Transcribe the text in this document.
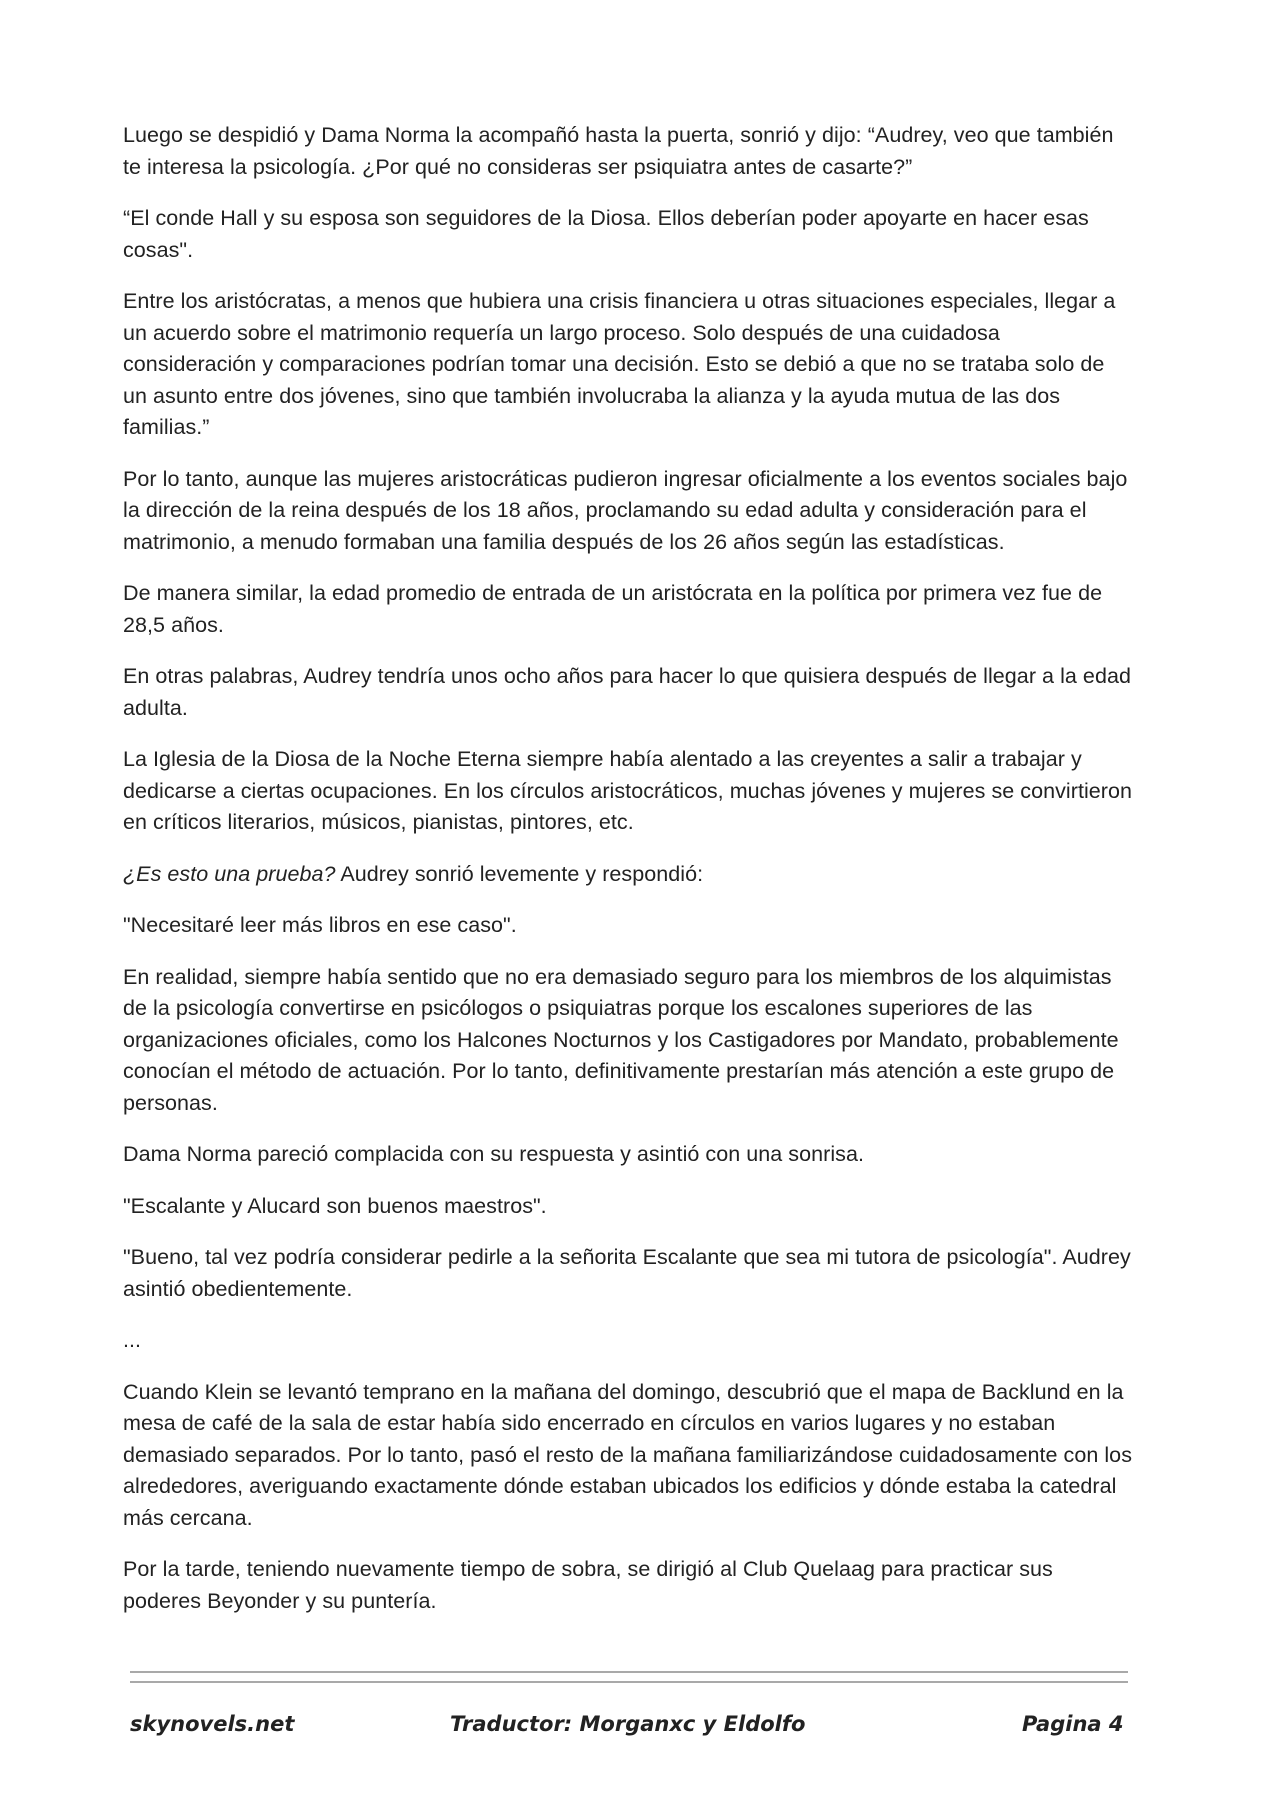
Luego se despidió y Dama Norma la acompañó hasta la puerta, sonrió y dijo: “Audrey, veo que también te interesa la psicología. ¿Por qué no consideras ser psiquiatra antes de casarte?”

“El conde Hall y su esposa son seguidores de la Diosa. Ellos deberían poder apoyarte en hacer esas cosas".

Entre los aristócratas, a menos que hubiera una crisis financiera u otras situaciones especiales, llegar a un acuerdo sobre el matrimonio requería un largo proceso. Solo después de una cuidadosa consideración y comparaciones podrían tomar una decisión. Esto se debió a que no se trataba solo de un asunto entre dos jóvenes, sino que también involucraba la alianza y la ayuda mutua de las dos familias.”

Por lo tanto, aunque las mujeres aristocráticas pudieron ingresar oficialmente a los eventos sociales bajo la dirección de la reina después de los 18 años, proclamando su edad adulta y consideración para el matrimonio, a menudo formaban una familia después de los 26 años según las estadísticas.

De manera similar, la edad promedio de entrada de un aristócrata en la política por primera vez fue de 28,5 años.

En otras palabras, Audrey tendría unos ocho años para hacer lo que quisiera después de llegar a la edad adulta.

La Iglesia de la Diosa de la Noche Eterna siempre había alentado a las creyentes a salir a trabajar y dedicarse a ciertas ocupaciones. En los círculos aristocráticos, muchas jóvenes y mujeres se convirtieron en críticos literarios, músicos, pianistas, pintores, etc.

¿Es esto una prueba? Audrey sonrió levemente y respondió:

"Necesitaré leer más libros en ese caso".

En realidad, siempre había sentido que no era demasiado seguro para los miembros de los alquimistas de la psicología convertirse en psicólogos o psiquiatras porque los escalones superiores de las organizaciones oficiales, como los Halcones Nocturnos y los Castigadores por Mandato, probablemente conocían el método de actuación. Por lo tanto, definitivamente prestarían más atención a este grupo de personas.

Dama Norma pareció complacida con su respuesta y asintió con una sonrisa.

"Escalante y Alucard son buenos maestros".

"Bueno, tal vez podría considerar pedirle a la señorita Escalante que sea mi tutora de psicología". Audrey asintió obedientemente.

...

Cuando Klein se levantó temprano en la mañana del domingo, descubrió que el mapa de Backlund en la mesa de café de la sala de estar había sido encerrado en círculos en varios lugares y no estaban demasiado separados. Por lo tanto, pasó el resto de la mañana familiarizándose cuidadosamente con los alrededores, averiguando exactamente dónde estaban ubicados los edificios y dónde estaba la catedral más cercana.

Por la tarde, teniendo nuevamente tiempo de sobra, se dirigió al Club Quelaag para practicar sus poderes Beyonder y su puntería.

skynovels.net	Traductor: Morganxc y Eldolfo	Pagina 4
